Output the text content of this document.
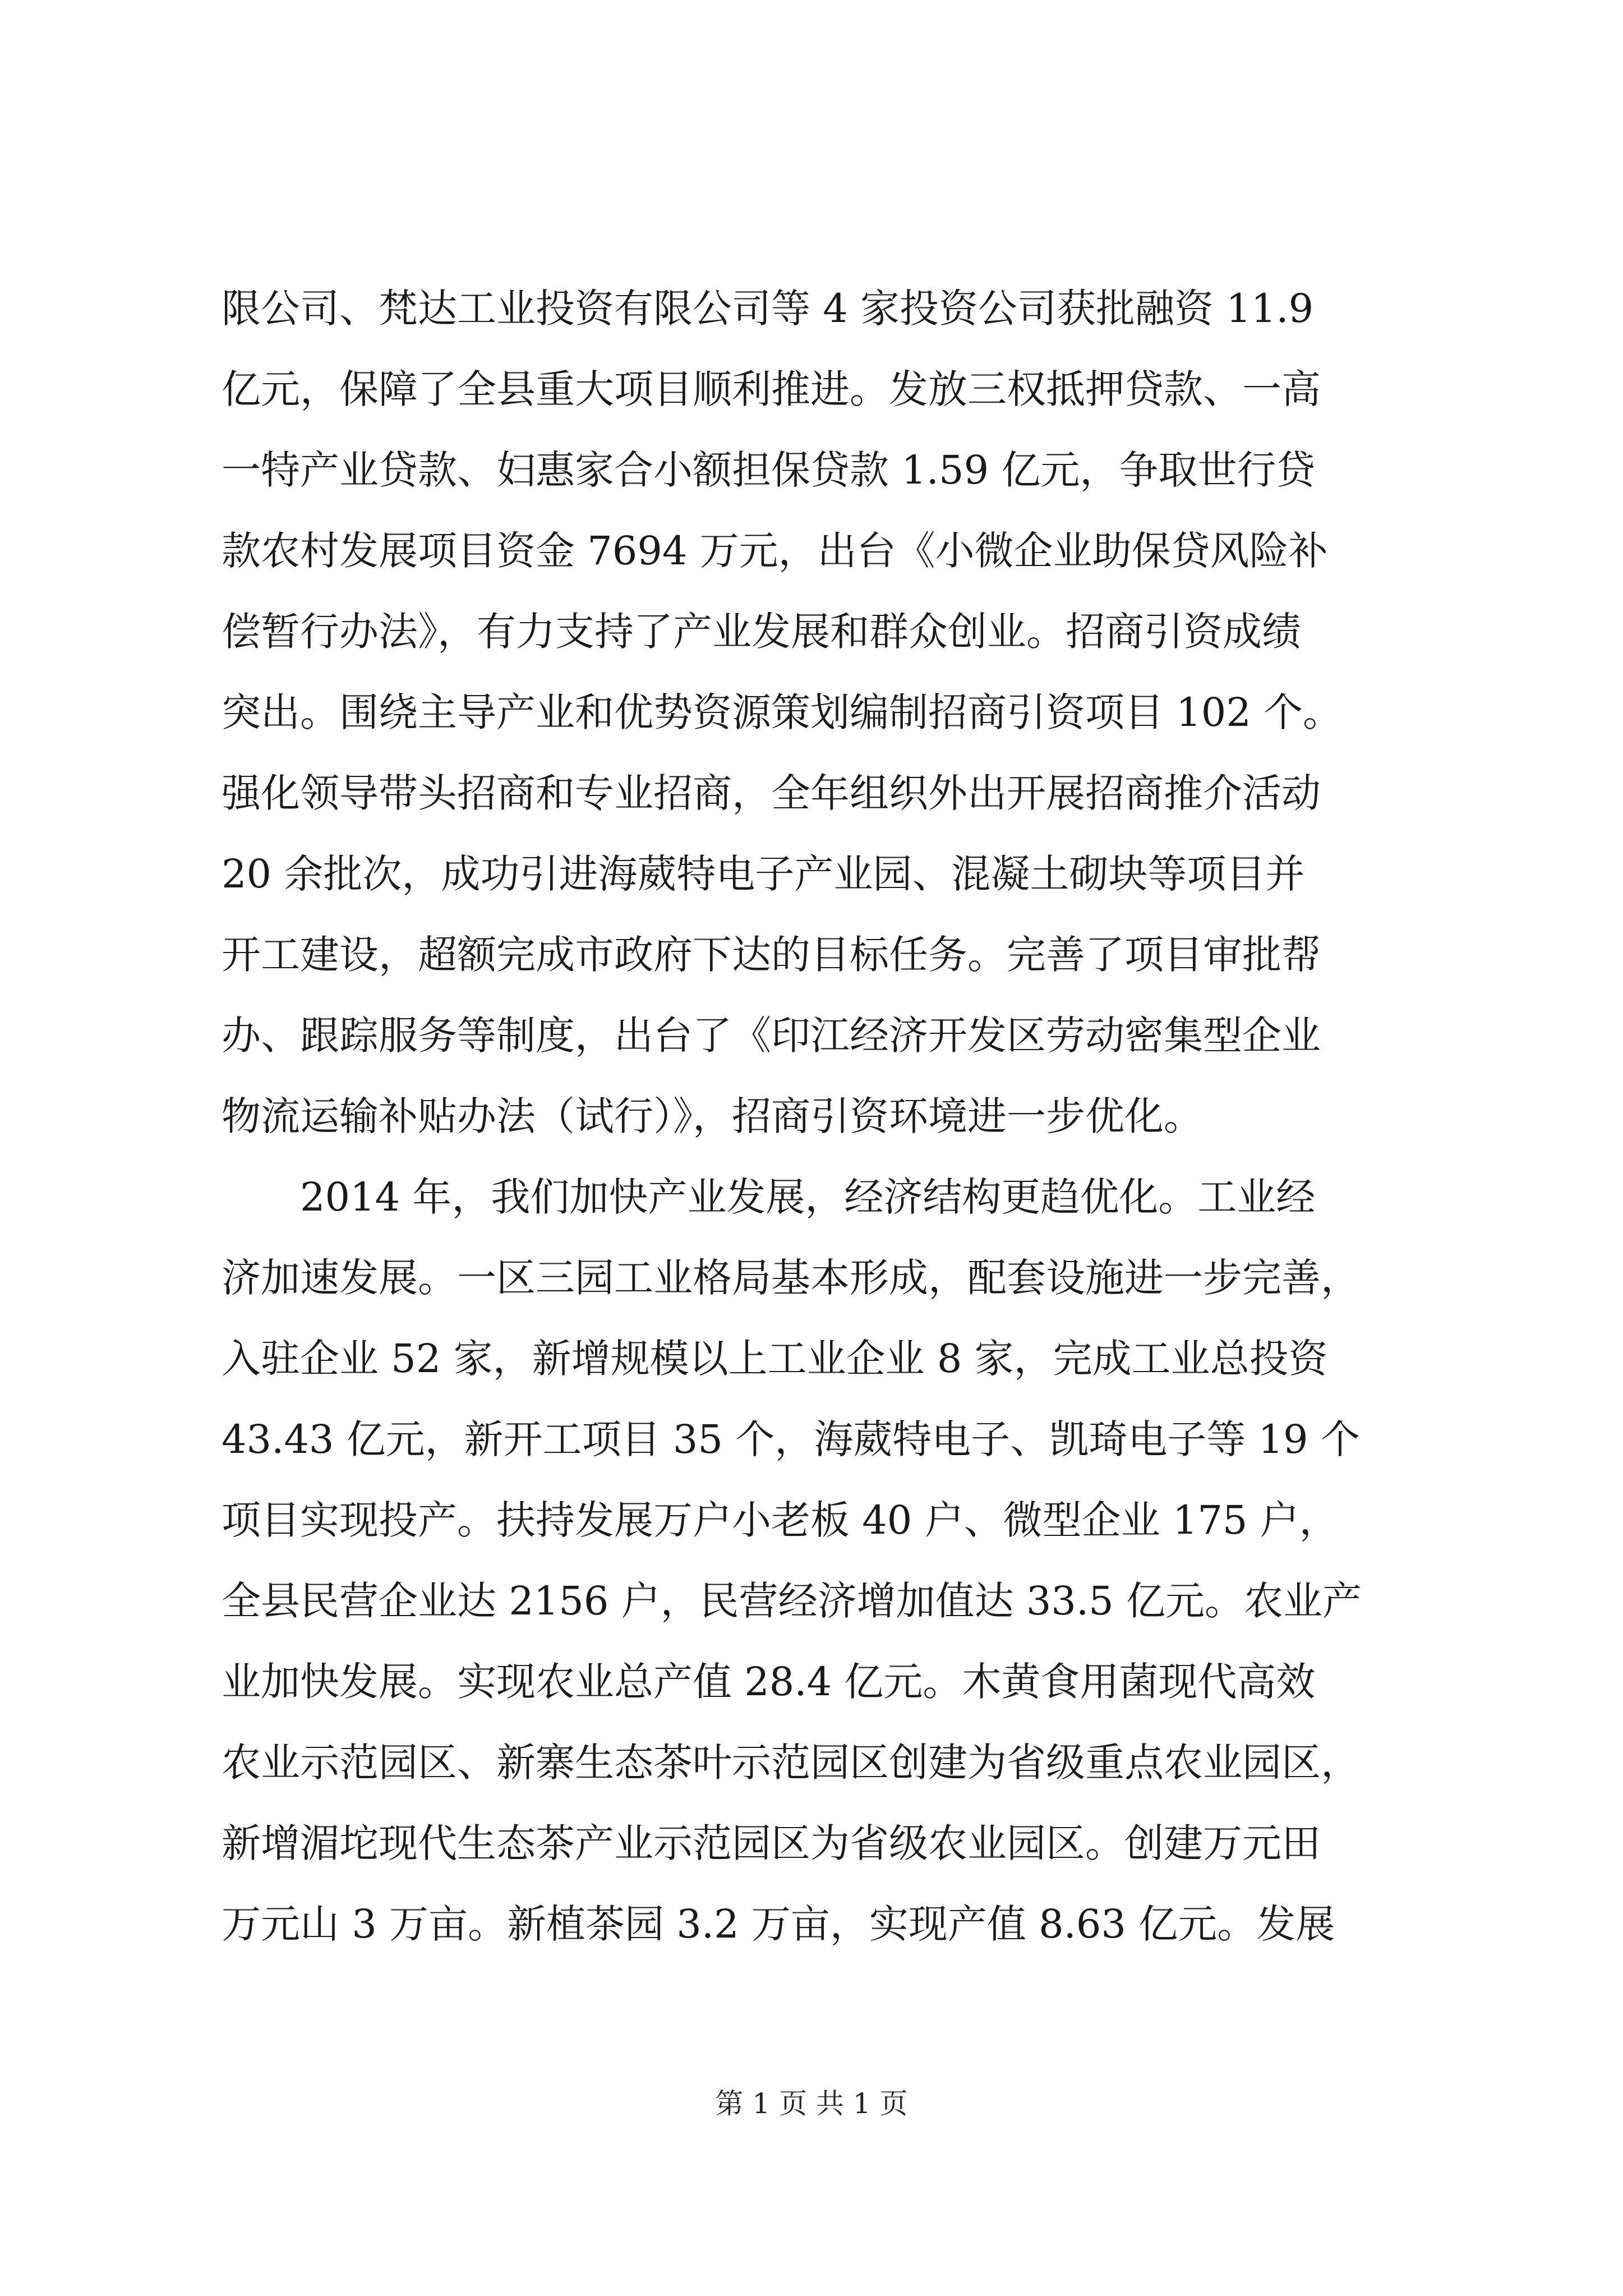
限公司、梵达工业投资有限公司等 4 家投资公司获批融资 11.9
亿元，保障了全县重大项目顺利推进。发放三权抵押贷款、一高
一特产业贷款、妇惠家合小额担保贷款 1.59 亿元，争取世行贷
款农村发展项目资金 7694 万元，出台《小微企业助保贷风险补
偿暂行办法》，有力支持了产业发展和群众创业。招商引资成绩
突出。围绕主导产业和优势资源策划编制招商引资项目 102 个。
强化领导带头招商和专业招商，全年组织外出开展招商推介活动
20 余批次，成功引进海葳特电子产业园、混凝土砌块等项目并
开工建设，超额完成市政府下达的目标任务。完善了项目审批帮
办、跟踪服务等制度，出台了《印江经济开发区劳动密集型企业
物流运输补贴办法（试行）》，招商引资环境进一步优化。
2014 年，我们加快产业发展，经济结构更趋优化。工业经
济加速发展。一区三园工业格局基本形成，配套设施进一步完善，
入驻企业 52 家，新增规模以上工业企业 8 家，完成工业总投资
43.43 亿元，新开工项目 35 个，海葳特电子、凯琦电子等 19 个
项目实现投产。扶持发展万户小老板 40 户、微型企业 175 户，
全县民营企业达 2156 户，民营经济增加值达 33.5 亿元。农业产
业加快发展。实现农业总产值 28.4 亿元。木黄食用菌现代高效
农业示范园区、新寨生态茶叶示范园区创建为省级重点农业园区，
新增湄坨现代生态茶产业示范园区为省级农业园区。创建万元田
万元山 3 万亩。新植茶园 3.2 万亩，实现产值 8.63 亿元。发展
第 1 页 共 1 页
